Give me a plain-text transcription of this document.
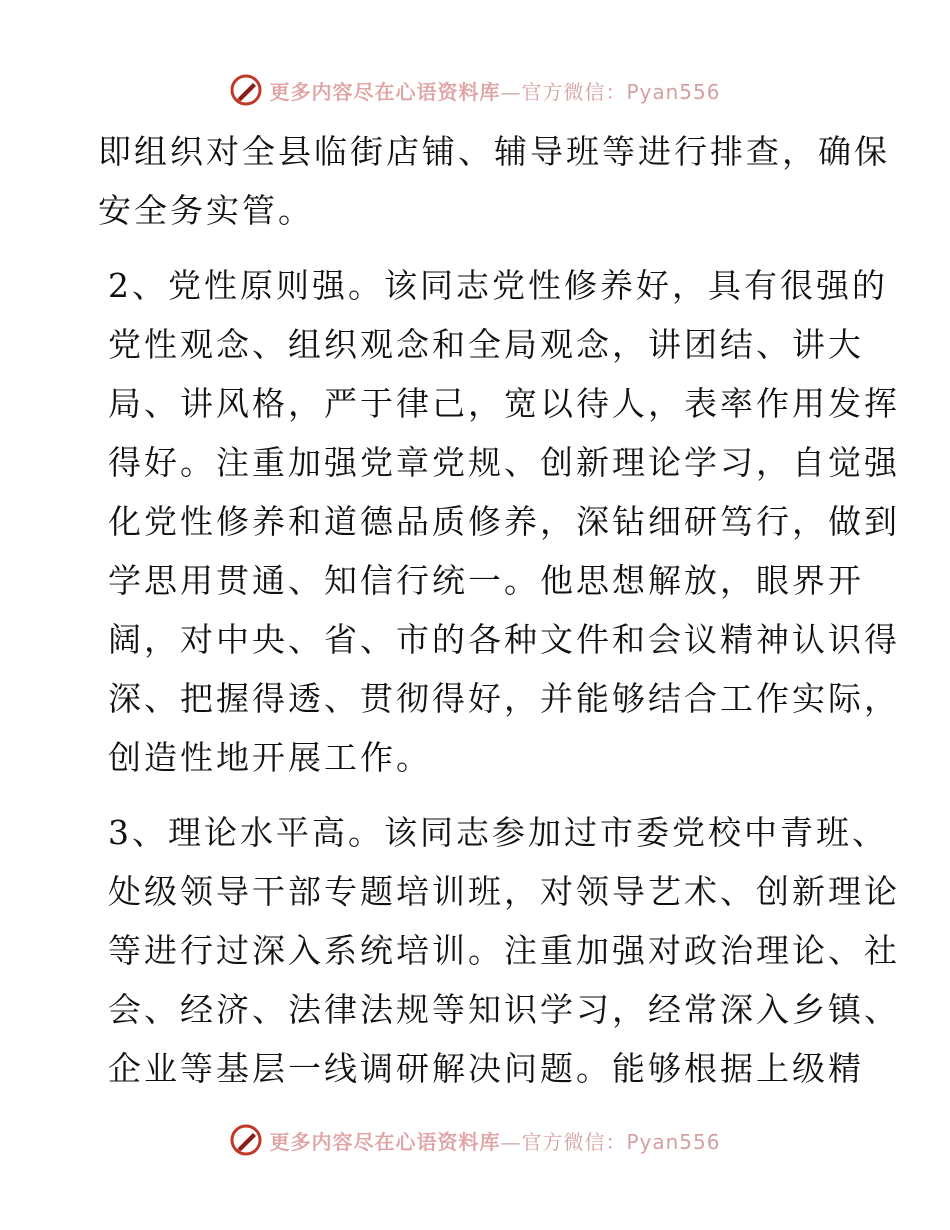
更多内容尽在心语资料库—官方微信：Pyan556

即组织对全县临街店铺、辅导班等进行排查，确保
安全务实管。

2、党性原则强。该同志党性修养好，具有很强的
党性观念、组织观念和全局观念，讲团结、讲大
局、讲风格，严于律己，宽以待人，表率作用发挥
得好。注重加强党章党规、创新理论学习，自觉强
化党性修养和道德品质修养，深钻细研笃行，做到
学思用贯通、知信行统一。他思想解放，眼界开
阔，对中央、省、市的各种文件和会议精神认识得
深、把握得透、贯彻得好，并能够结合工作实际，
创造性地开展工作。

3、理论水平高。该同志参加过市委党校中青班、
处级领导干部专题培训班，对领导艺术、创新理论
等进行过深入系统培训。注重加强对政治理论、社
会、经济、法律法规等知识学习，经常深入乡镇、
企业等基层一线调研解决问题。能够根据上级精

更多内容尽在心语资料库—官方微信：Pyan556
